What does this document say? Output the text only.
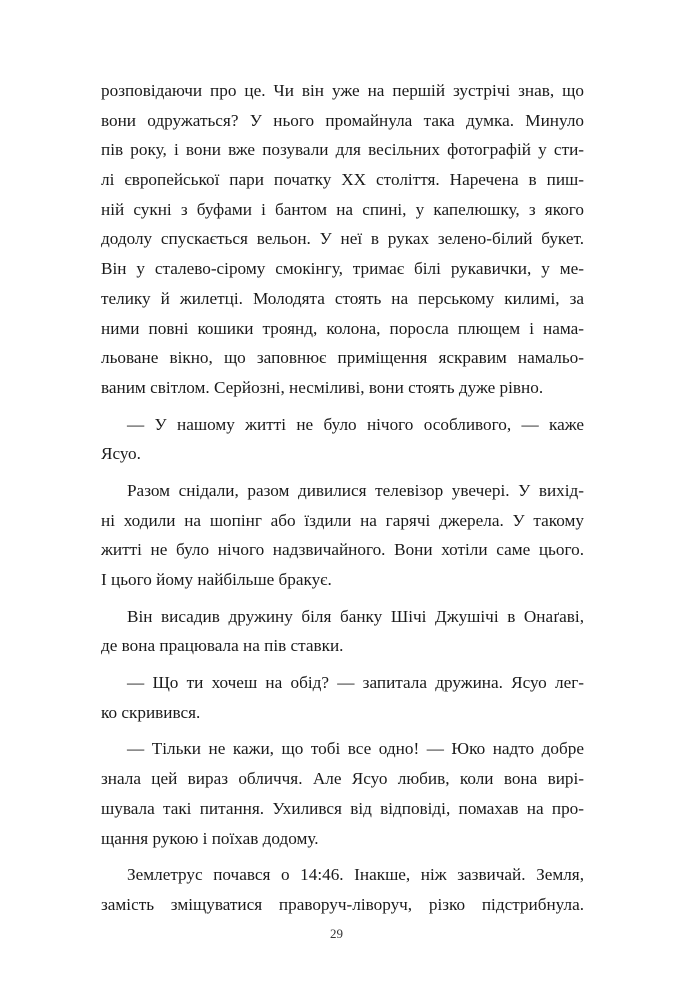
розповідаючи про це. Чи він уже на першій зустрічі знав, що
вони одружаться? У нього промайнула така думка. Минуло
пів року, і вони вже позували для весільних фотографій у сти-
лі європейської пари початку XX століття. Наречена в пиш-
ній сукні з буфами і бантом на спині, у капелюшку, з якого
додолу спускається вельон. У неї в руках зелено-білий букет.
Він у сталево-сірому смокінгу, тримає білі рукавички, у ме-
телику й жилетці. Молодята стоять на перському килимі, за
ними повні кошики троянд, колона, поросла плющем і нама-
льоване вікно, що заповнює приміщення яскравим намальо-
ваним світлом. Серйозні, несміливі, вони стоять дуже рівно.

— У нашому житті не було нічого особливого, — каже
Ясуо.

Разом снідали, разом дивилися телевізор увечері. У вихід-
ні ходили на шопінг або їздили на гарячі джерела. У такому
житті не було нічого надзвичайного. Вони хотіли саме цього.
І цього йому найбільше бракує.

Він висадив дружину біля банку Шічі Джушічі в Онаґаві,
де вона працювала на пів ставки.

— Що ти хочеш на обід? — запитала дружина. Ясуо лег-
ко скривився.

— Тільки не кажи, що тобі все одно! — Юко надто добре
знала цей вираз обличчя. Але Ясуо любив, коли вона вирі-
шувала такі питання. Ухилився від відповіді, помахав на про-
щання рукою і поїхав додому.

Землетрус почався о 14:46. Інакше, ніж зазвичай. Земля,
замість зміщуватися праворуч-ліворуч, різко підстрибнула.

29
